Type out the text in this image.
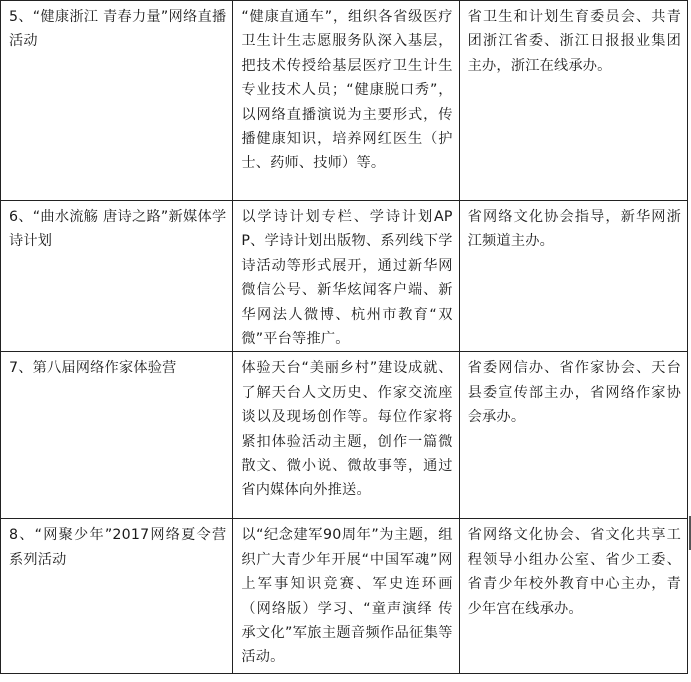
5、“健康浙江 青春力量”网络直播活动	“健康直通车”，组织各省级医疗卫生计生志愿服务队深入基层，把技术传授给基层医疗卫生计生专业技术人员；“健康脱口秀”，以网络直播演说为主要形式，传播健康知识，培养网红医生（护士、药师、技师）等。	省卫生和计划生育委员会、共青团浙江省委、浙江日报报业集团主办，浙江在线承办。

6、“曲水流觞 唐诗之路”新媒体学诗计划	以学诗计划专栏、学诗计划APP、学诗计划出版物、系列线下学诗活动等形式展开，通过新华网微信公号、新华炫闻客户端、新华网法人微博、杭州市教育“双微”平台等推广。	省网络文化协会指导，新华网浙江频道主办。

7、第八届网络作家体验营	体验天台“美丽乡村”建设成就、了解天台人文历史、作家交流座谈以及现场创作等。每位作家将紧扣体验活动主题，创作一篇微散文、微小说、微故事等，通过省内媒体向外推送。	省委网信办、省作家协会、天台县委宣传部主办，省网络作家协会承办。

8、“网聚少年”2017网络夏令营系列活动	以“纪念建军90周年”为主题，组织广大青少年开展“中国军魂”网上军事知识竞赛、军史连环画（网络版）学习、“童声演绎 传承文化”军旅主题音频作品征集等活动。	省网络文化协会、省文化共享工程领导小组办公室、省少工委、省青少年校外教育中心主办，青少年宫在线承办。
